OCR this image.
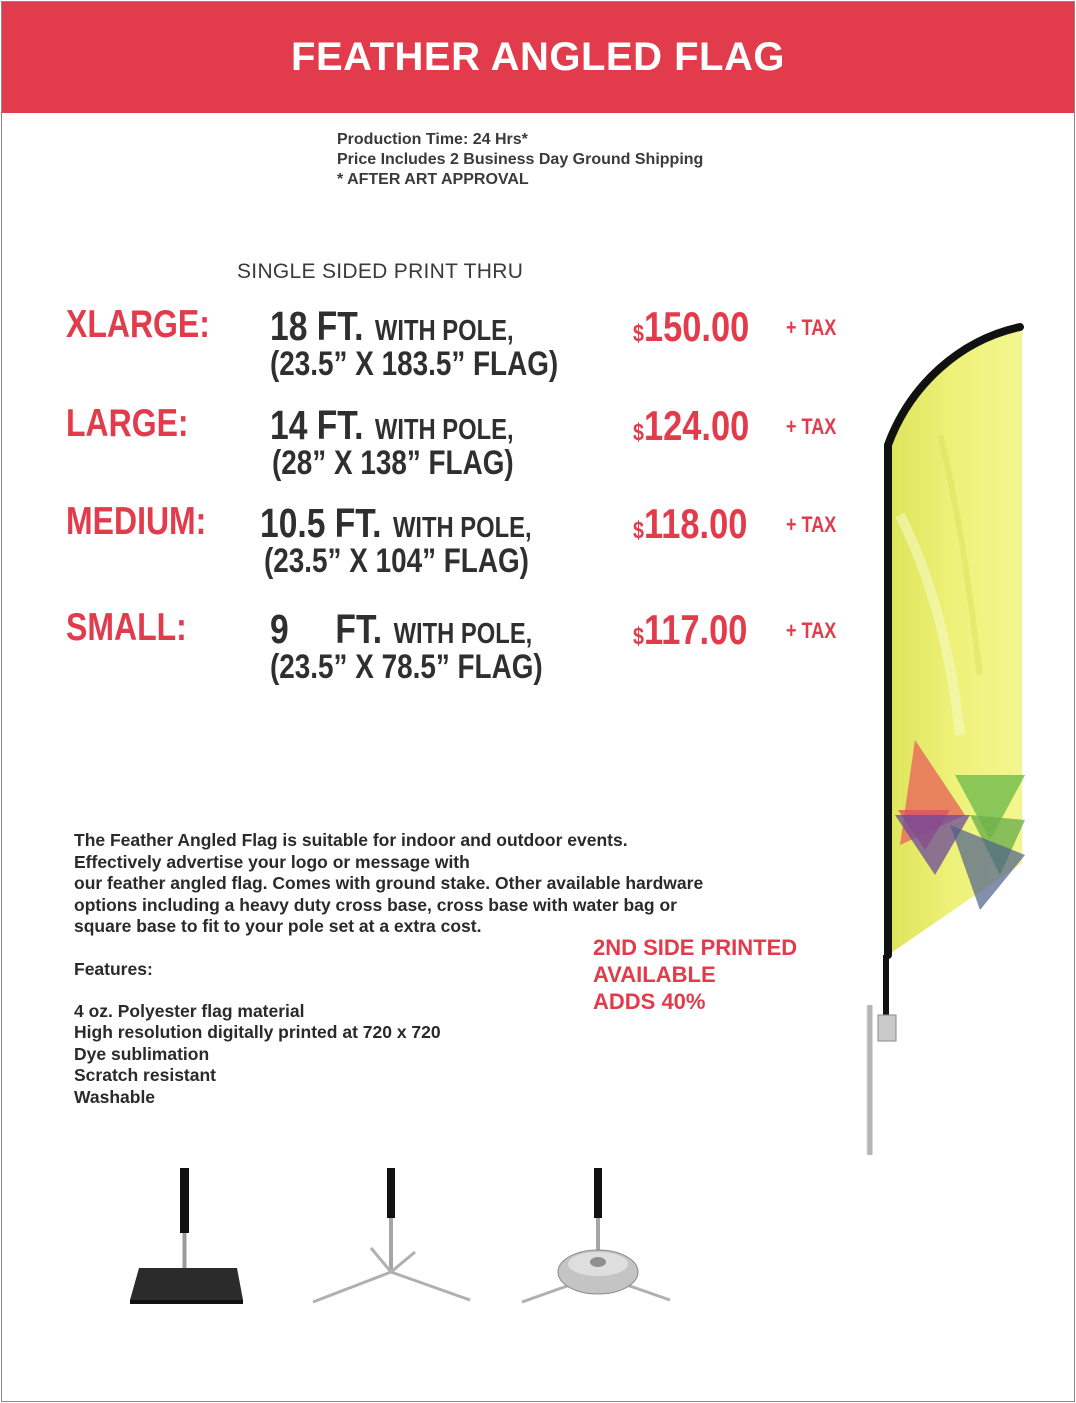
FEATHER ANGLED FLAG
Production Time: 24 Hrs*
Price Includes 2 Business Day Ground Shipping
* AFTER ART APPROVAL
SINGLE SIDED PRINT THRU
XLARGE: 18 FT. WITH POLE,
(23.5” X 183.5” FLAG)
$150.00 + TAX
LARGE: 14 FT. WITH POLE,
(28” X 138” FLAG)
$124.00 + TAX
MEDIUM: 10.5 FT. WITH POLE,
(23.5” X 104” FLAG)
$118.00 + TAX
SMALL: 9     FT. WITH POLE,
(23.5” X 78.5” FLAG)
$117.00 + TAX

The Feather Angled Flag is suitable for indoor and outdoor events.

Effectively advertise your logo or message with

our feather angled flag. Comes with ground stake. Other available hardware

options including a heavy duty cross base, cross base with water bag or

square base to fit to your pole set at a extra cost.

Features:
4 oz. Polyester flag material
High resolution digitally printed at 720 x 720
Dye sublimation
Scratch resistant
Washable
2ND SIDE PRINTED
AVAILABLE
ADDS 40%
